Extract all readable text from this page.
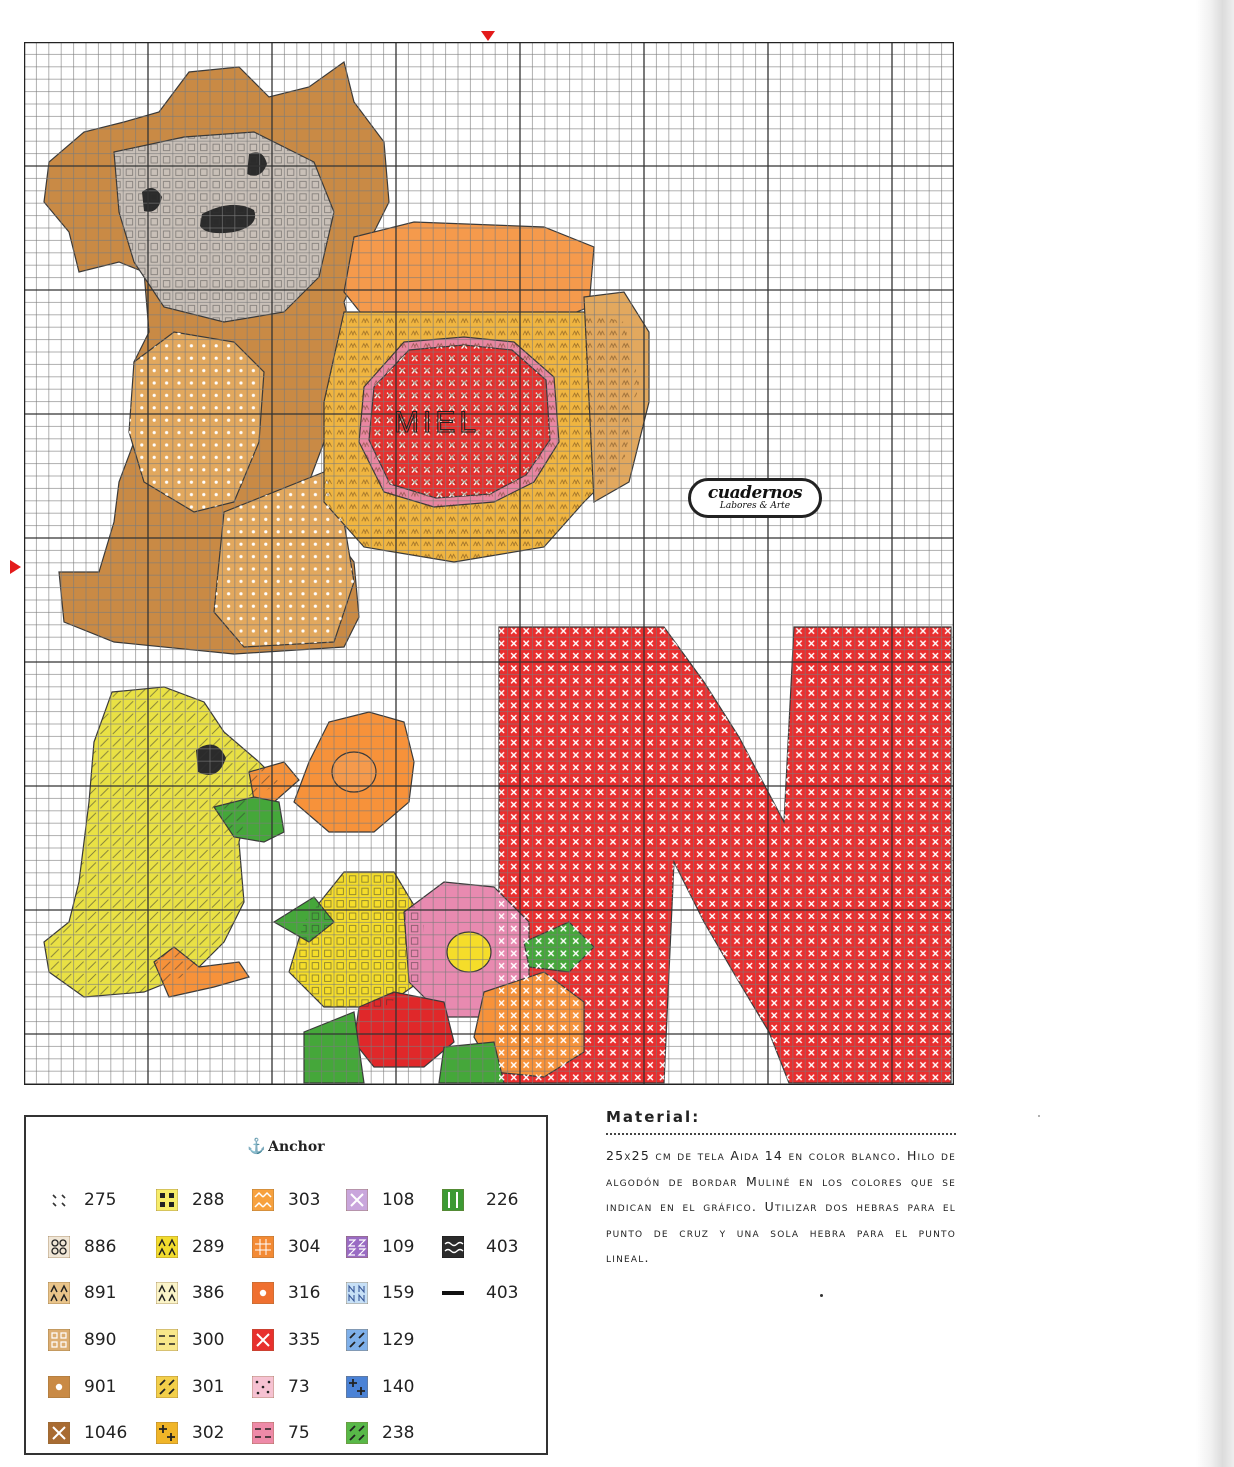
MIEL
cuadernos
Labores & Arte
⚓ Anchor
275
886
891
890
901
1046
288
289
386
300
301
302
303
304
316
335
73
75
108
109
159
129
140
238
226
403
403
Material:
25x25 cm de tela Aida 14 en color blanco. Hilo de algodón de bordar Muliné en los colores que se indican en el gráfico. Utilizar dos hebras para el punto de cruz y una sola hebra para el punto lineal.
